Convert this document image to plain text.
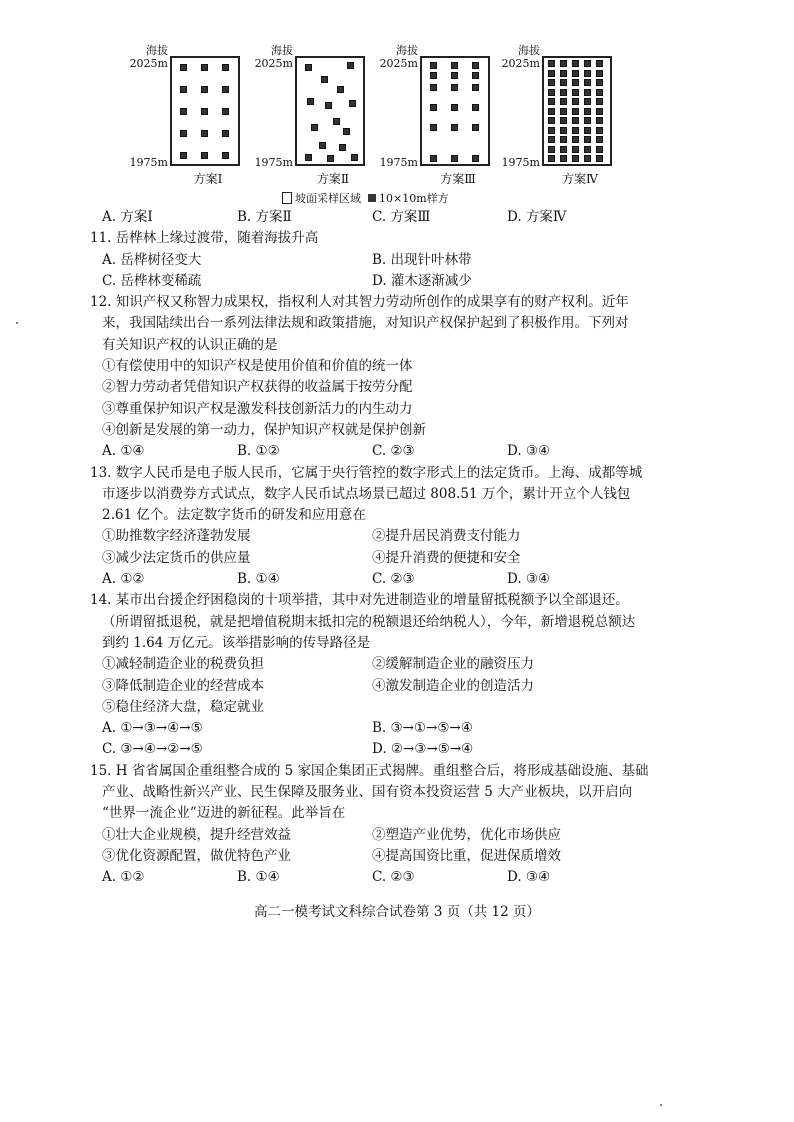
海拔
2025m
1975m
方案Ⅰ
海拔
2025m
1975m
方案Ⅱ
海拔
2025m
1975m
方案Ⅲ
海拔
2025m
1975m
方案Ⅳ
坡面采样区域 10×10m样方
A. 方案Ⅰ	B. 方案Ⅱ	C. 方案Ⅲ	D. 方案Ⅳ
11. 岳桦林上缘过渡带，随着海拔升高
A. 岳桦树径变大	B. 出现针叶林带
C. 岳桦林变稀疏	D. 灌木逐渐减少
12. 知识产权又称智力成果权，指权利人对其智力劳动所创作的成果享有的财产权利。近年
来，我国陆续出台一系列法律法规和政策措施，对知识产权保护起到了积极作用。下列对
有关知识产权的认识正确的是
①有偿使用中的知识产权是使用价值和价值的统一体
②智力劳动者凭借知识产权获得的收益属于按劳分配
③尊重保护知识产权是激发科技创新活力的内生动力
④创新是发展的第一动力，保护知识产权就是保护创新
A. ①④	B. ①②	C. ②③	D. ③④
13. 数字人民币是电子版人民币，它属于央行管控的数字形式上的法定货币。上海、成都等城
市逐步以消费券方式试点，数字人民币试点场景已超过 808.51 万个，累计开立个人钱包
2.61 亿个。法定数字货币的研发和应用意在
①助推数字经济蓬勃发展	②提升居民消费支付能力
③减少法定货币的供应量	④提升消费的便捷和安全
A. ①②	B. ①④	C. ②③	D. ③④
14. 某市出台援企纾困稳岗的十项举措，其中对先进制造业的增量留抵税额予以全部退还。
（所谓留抵退税，就是把增值税期末抵扣完的税额退还给纳税人），今年，新增退税总额达
到约 1.64 万亿元。该举措影响的传导路径是
①减轻制造企业的税费负担	②缓解制造企业的融资压力
③降低制造企业的经营成本	④激发制造企业的创造活力
⑤稳住经济大盘，稳定就业
A. ①→③→④→⑤	B. ③→①→⑤→④
C. ③→④→②→⑤	D. ②→③→⑤→④
15. H 省省属国企重组整合成的 5 家国企集团正式揭牌。重组整合后，将形成基础设施、基础
产业、战略性新兴产业、民生保障及服务业、国有资本投资运营 5 大产业板块，以开启向
“世界一流企业”迈进的新征程。此举旨在
①壮大企业规模，提升经营效益	②塑造产业优势，优化市场供应
③优化资源配置，做优特色产业	④提高国资比重，促进保质增效
A. ①②	B. ①④	C. ②③	D. ③④
高二一模考试文科综合试卷第 3 页（共 12 页）
